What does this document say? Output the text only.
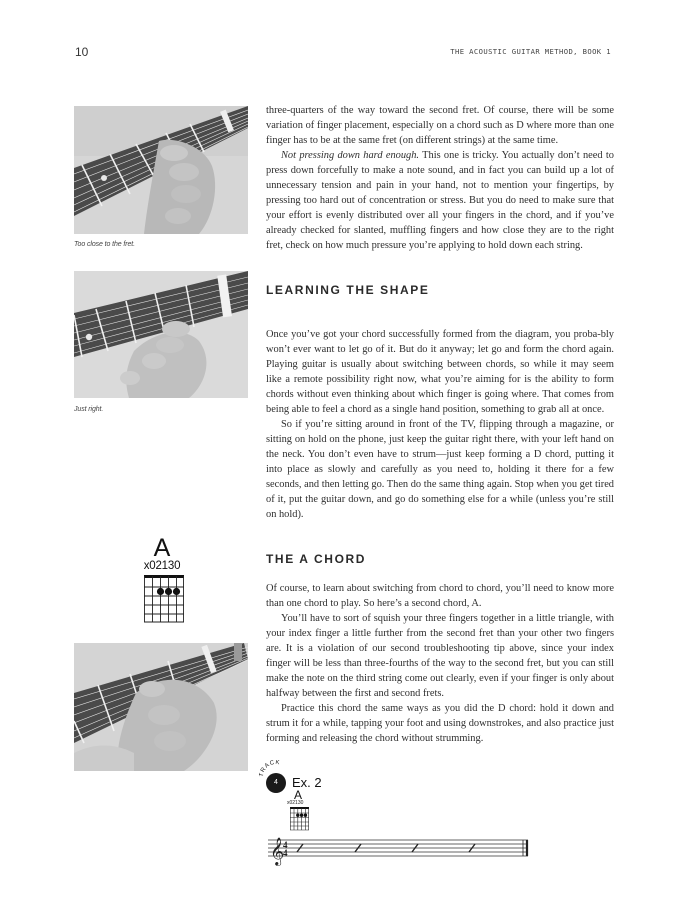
10	THE ACOUSTIC GUITAR METHOD, BOOK 1
Too close to the fret.
Just right.
A
x02130

three-quarters of the way toward the second fret. Of course, there will be some variation of finger placement, especially on a chord such as D where more than one finger has to be at the same fret (on different strings) at the same time.

Not pressing down hard enough. This one is tricky. You actually don’t need to press down forcefully to make a note sound, and in fact you can build up a lot of unnecessary tension and pain in your hand, not to mention your fingertips, by pressing too hard out of concentration or stress. But you do need to make sure that your effort is evenly distributed over all your fingers in the chord, and if you’ve already checked for slanted, muffling fingers and how close they are to the right fret, check on how much pressure you’re applying to hold down each string.

LEARNING THE SHAPE

Once you’ve got your chord successfully formed from the diagram, you proba-bly won’t ever want to let go of it. But do it anyway; let go and form the chord again. Playing guitar is usually about switching between chords, so while it may seem like a remote possibility right now, what you’re aiming for is the ability to form chords without even thinking about which finger is going where. That comes from being able to feel a chord as a single hand position, something to grab all at once.

So if you’re sitting around in front of the TV, flipping through a magazine, or sitting on hold on the phone, just keep the guitar right there, with your left hand on the neck. You don’t even have to strum—just keep forming a D chord, putting it into place as slowly and carefully as you need to, holding it there for a few seconds, and then letting go. Then do the same thing again. Stop when you get tired of it, put the guitar down, and go do something else for a while (unless you’re still on hold).

THE A CHORD

Of course, to learn about switching from chord to chord, you’ll need to know more than one chord to play. So here’s a second chord, A.

You’ll have to sort of squish your three fingers together in a little triangle, with your index finger a little further from the second fret than your other two fingers are. It is a violation of our second troubleshooting tip above, since your index finger will be less than three-fourths of the way to the second fret, but you can still make the note on the third string come out clearly, even if your finger is only about halfway between the first and second frets.

Practice this chord the same ways as you did the D chord: hold it down and strum it for a while, tapping your foot and using downstrokes, and also practice just forming and releasing the chord without strumming.

TRACK
4	Ex. 2
A
x02130
𝄞
4
4
